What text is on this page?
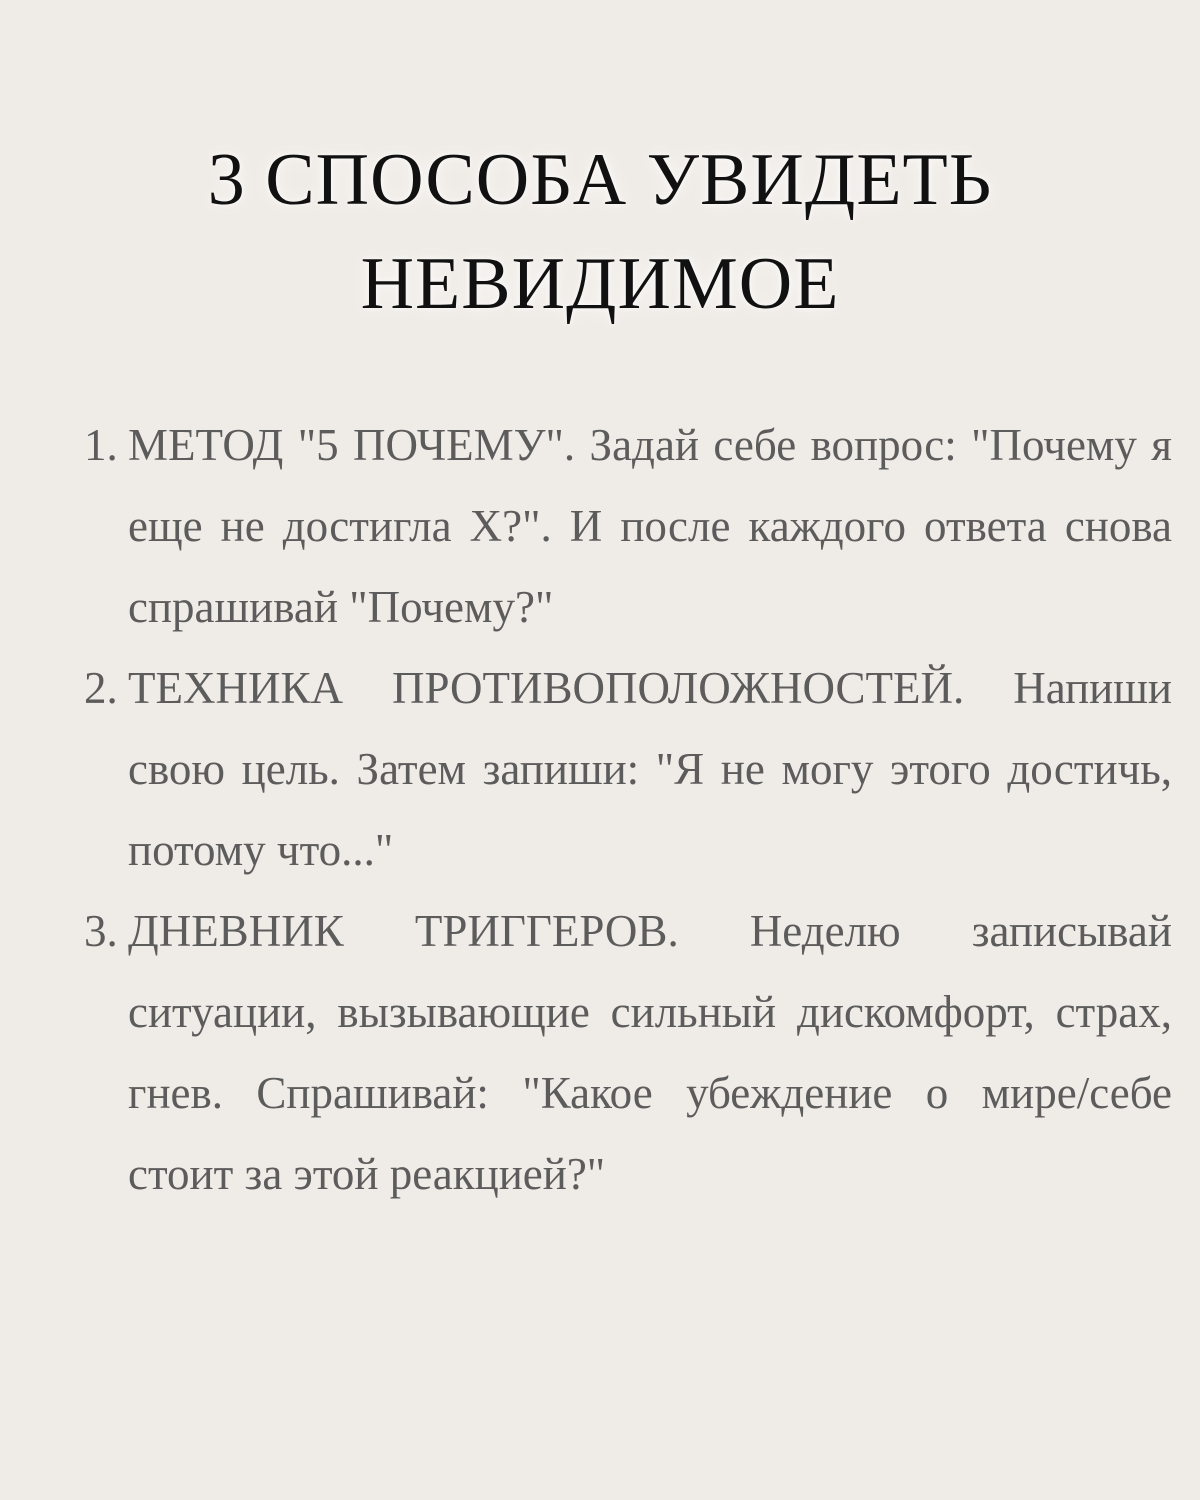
3 СПОСОБА УВИДЕТЬ
НЕВИДИМОЕ
1. МЕТОД "5 ПОЧЕМУ". Задай себе вопрос: "Почему я еще не достигла X?". И после каждого ответа снова спрашивай "Почему?"
2. ТЕХНИКА ПРОТИВОПОЛОЖНОСТЕЙ. Напиши свою цель. Затем запиши: "Я не могу этого достичь, потому что..."
3. ДНЕВНИК ТРИГГЕРОВ. Неделю записывай ситуации, вызывающие сильный дискомфорт, страх, гнев. Спрашивай: "Какое убеждение о мире/себе стоит за этой реакцией?"
